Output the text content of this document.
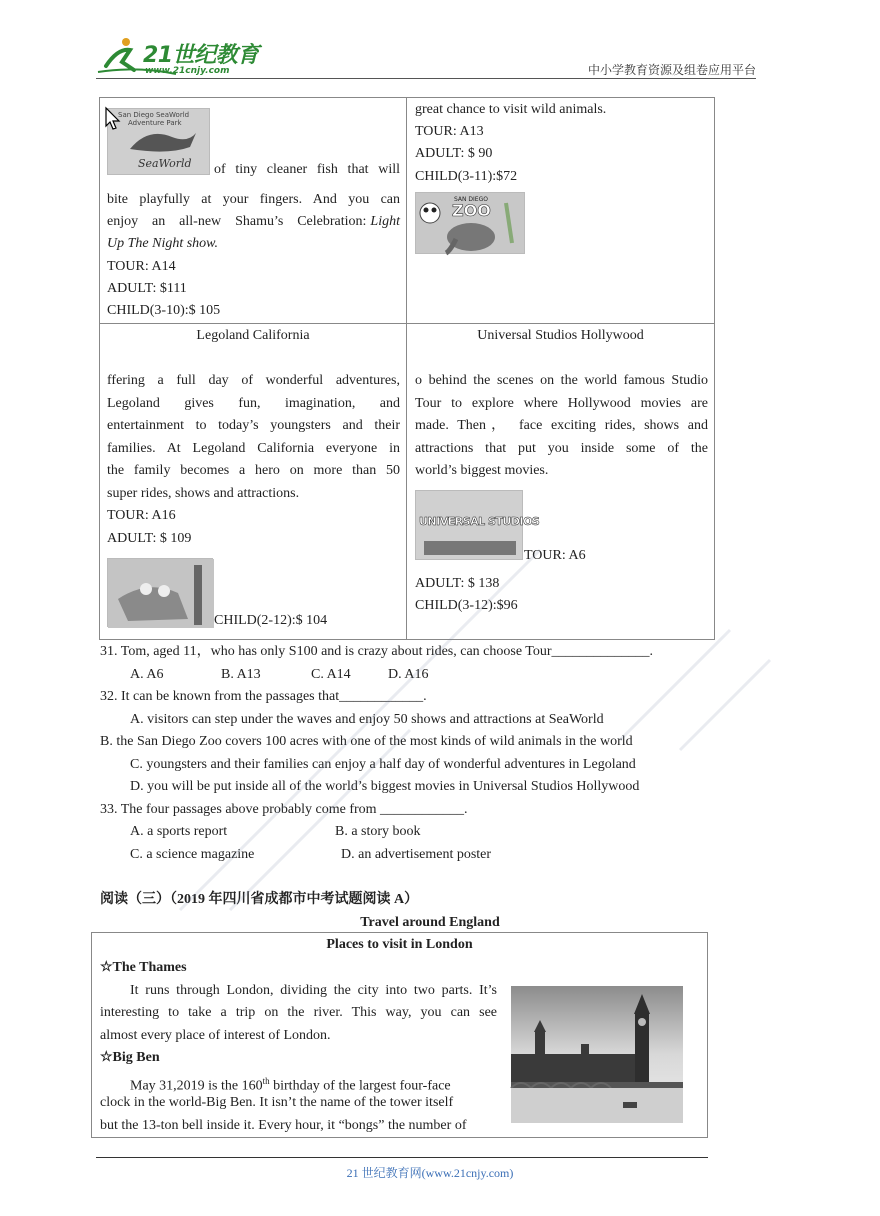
21世纪教育
www.21cnjy.com	中小学教育资源及组卷应用平台
San Diego SeaWorld
Adventure Park
SeaWorld of tiny cleaner fish that will
bite playfully at your fingers. And you can
enjoy an all-new Shamu’s Celebration: Light
Up The Night show.
TOUR: A14
ADULT: $111
CHILD(3-10):$ 105
great chance to visit wild animals.
TOUR: A13
ADULT: $ 90
CHILD(3-11):$72
SAN DIEGO
ZOO
Legoland California
ffering a full day of wonderful adventures,
Legoland gives fun, imagination, and
entertainment to today’s youngsters and their
families. At Legoland California everyone in
the family becomes a hero on more than 50
super rides, shows and attractions.
TOUR: A16
ADULT: $ 109
CHILD(2-12):$ 104
Universal Studios Hollywood
o behind the scenes on the world famous Studio
Tour to explore where Hollywood movies are
made. Then， face exciting rides, shows and
attractions that put you inside some of the
world’s biggest movies.
UNIVERSAL STUDIOS
TOUR: A6
ADULT: $ 138
CHILD(3-12):$96
31. Tom, aged 11，who has only S100 and is crazy about rides, can choose Tour______________.
A. A6	B. A13	C. A14	D. A16
32. It can be known from the passages that____________.
A. visitors can step under the waves and enjoy 50 shows and attractions at SeaWorld
B. the San Diego Zoo covers 100 acres with one of the most kinds of wild animals in the world
C. youngsters and their families can enjoy a half day of wonderful adventures in Legoland
D. you will be put inside all of the world’s biggest movies in Universal Studios Hollywood
33. The four passages above probably come from ____________.
A. a sports report	B. a story book
C. a science magazine	D. an advertisement poster
阅读（三）（2019 年四川省成都市中考试题阅读 A）
Travel around England
Places to visit in London
☆The Thames
It runs through London, dividing the city into two parts. It’s
interesting to take a trip on the river. This way, you can see
almost every place of interest of London.
☆Big Ben
May 31,2019 is the 160th birthday of the largest four-face
clock in the world-Big Ben. It isn’t the name of the tower itself
but the 13-ton bell inside it. Every hour, it “bongs” the number of
21 世纪教育网(www.21cnjy.com)
